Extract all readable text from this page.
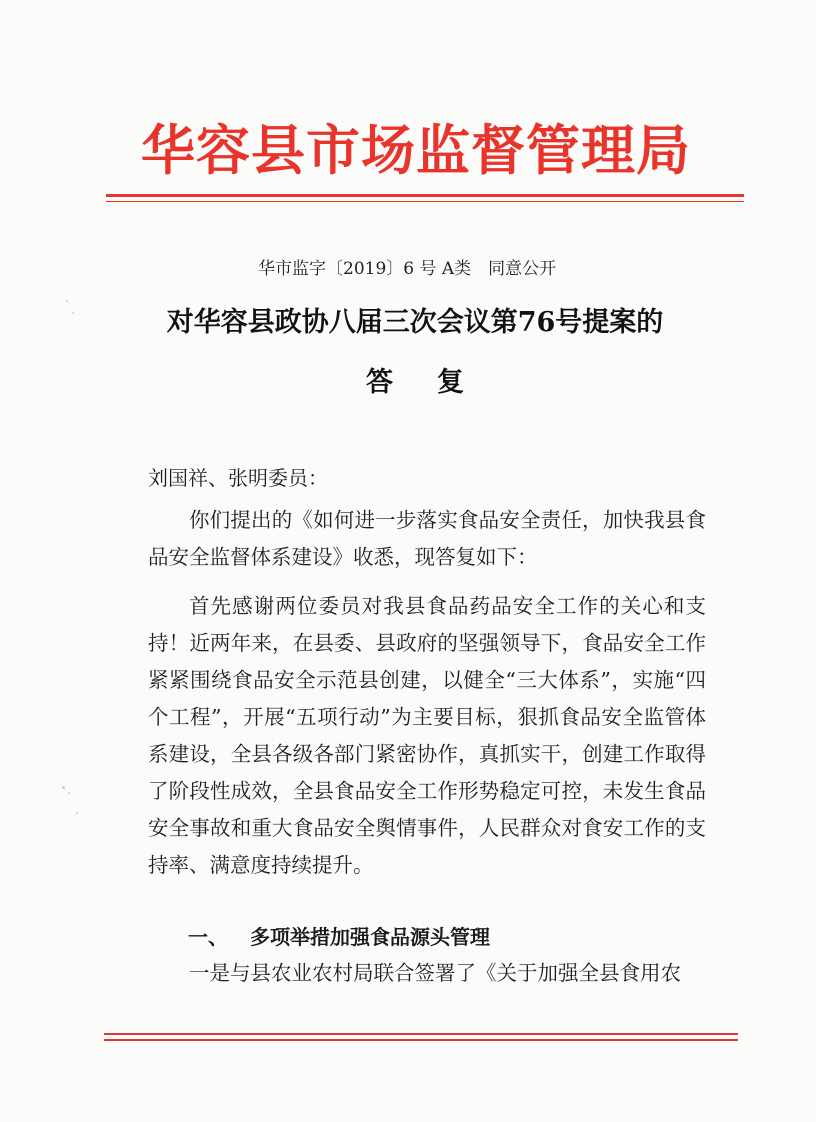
华容县市场监督管理局
华市监字〔2019〕6 号 A类　同意公开
对华容县政协八届三次会议第76号提案的
答复
刘国祥、张明委员：

你们提出的《如何进一步落实食品安全责任，加快我县食品安全监督体系建设》收悉，现答复如下：

首先感谢两位委员对我县食品药品安全工作的关心和支持！近两年来，在县委、县政府的坚强领导下，食品安全工作紧紧围绕食品安全示范县创建，以健全“三大体系”，实施“四个工程”，开展“五项行动”为主要目标，狠抓食品安全监管体系建设，全县各级各部门紧密协作，真抓实干，创建工作取得了阶段性成效，全县食品安全工作形势稳定可控，未发生食品安全事故和重大食品安全舆情事件，人民群众对食安工作的支持率、满意度持续提升。

一、 多项举措加强食品源头管理

一是与县农业农村局联合签署了《关于加强全县食用农
